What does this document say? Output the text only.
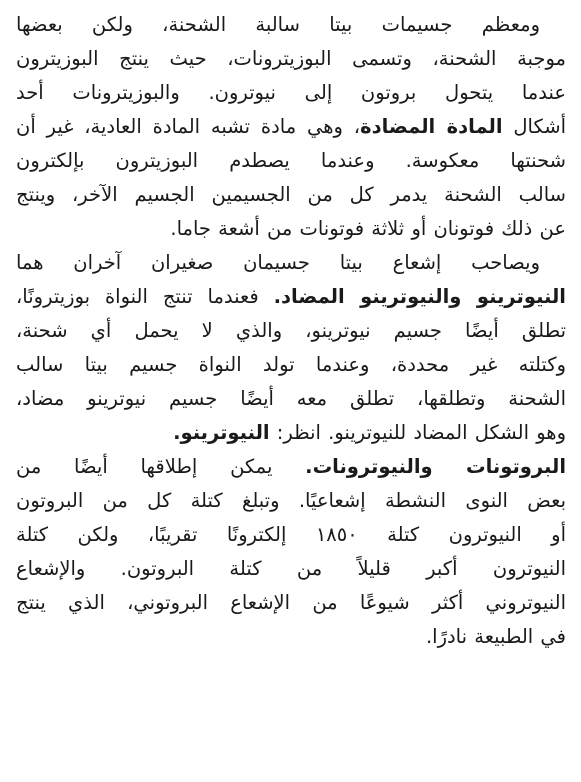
ومعظم جسيمات بيتا سالبة الشحنة، ولكن بعضها
موجبة الشحنة، وتسمى البوزيترونات، حيث ينتج البوزيترون
عندما يتحول بروتون إلى نيوترون. والبوزيترونات أحد
أشكال المادة المضادة، وهي مادة تشبه المادة العادية، غير أن
شحنتها معكوسة. وعندما يصطدم البوزيترون بإلكترون
سالب الشحنة يدمر كل من الجسيمين الجسيم الآخر، وينتج
عن ذلك فوتونان أو ثلاثة فوتونات من أشعة جاما.
ويصاحب إشعاع بيتا جسيمان صغيران آخران هما
النيوترينو والنيوترينو المضاد. فعندما تنتج النواة بوزيترونًا،
تطلق أيضًا جسيم نيوترينو، والذي لا يحمل أي شحنة،
وكتلته غير محددة، وعندما تولد النواة جسيم بيتا سالب
الشحنة وتطلقها، تطلق معه أيضًا جسيم نيوترينو مضاد،
وهو الشكل المضاد للنيوترينو. انظر: النيوترينو.
البروتونات والنيوترونات. يمكن إطلاقها أيضًا من
بعض النوى النشطة إشعاعيًا. وتبلغ كتلة كل من البروتون
أو النيوترون كتلة ١٨٥٠ إلكترونًا تقريبًا، ولكن كتلة
النيوترون أكبر قليلاً من كتلة البروتون. والإشعاع
النيوتروني أكثر شيوعًا من الإشعاع البروتوني، الذي ينتج
في الطبيعة نادرًا.
